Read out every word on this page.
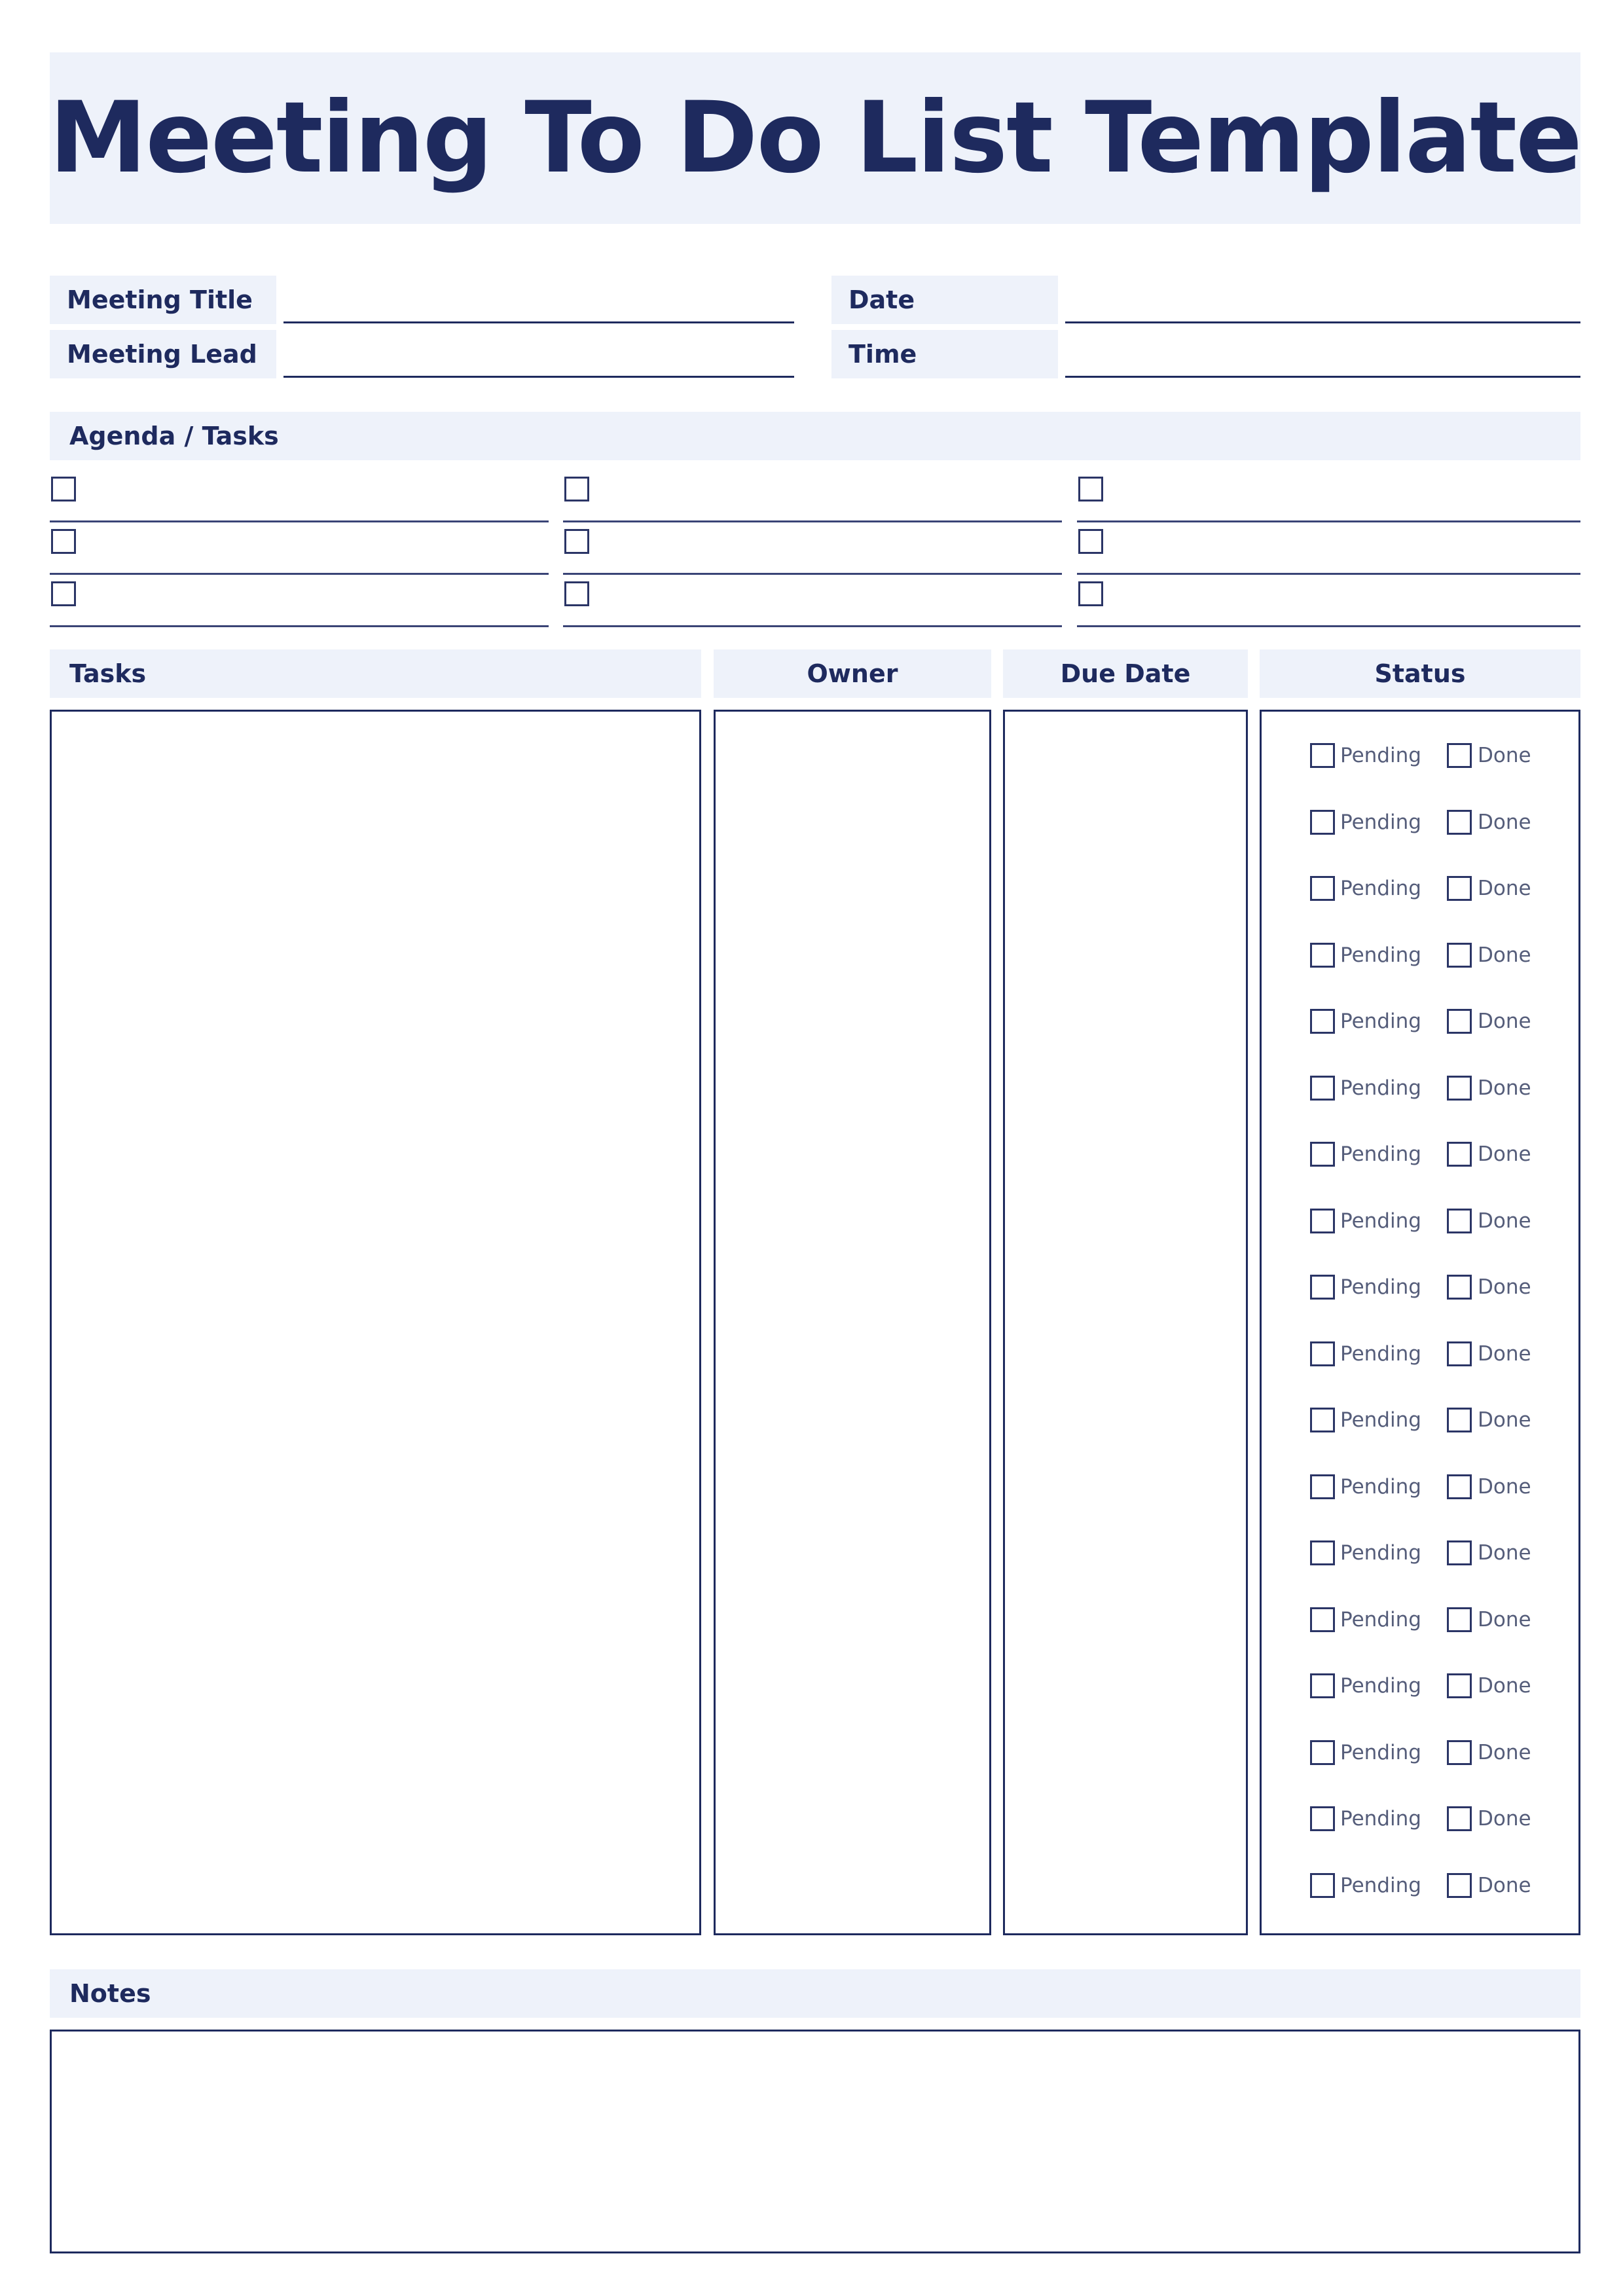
Meeting To Do List Template
Meeting Title
Meeting Lead
Date
Time
Agenda / Tasks
Tasks	Owner	Due Date	Status
Pending	Done
Pending	Done
Pending	Done
Pending	Done
Pending	Done
Pending	Done
Pending	Done
Pending	Done
Pending	Done
Pending	Done
Pending	Done
Pending	Done
Pending	Done
Pending	Done
Pending	Done
Pending	Done
Pending	Done
Pending	Done
Notes
